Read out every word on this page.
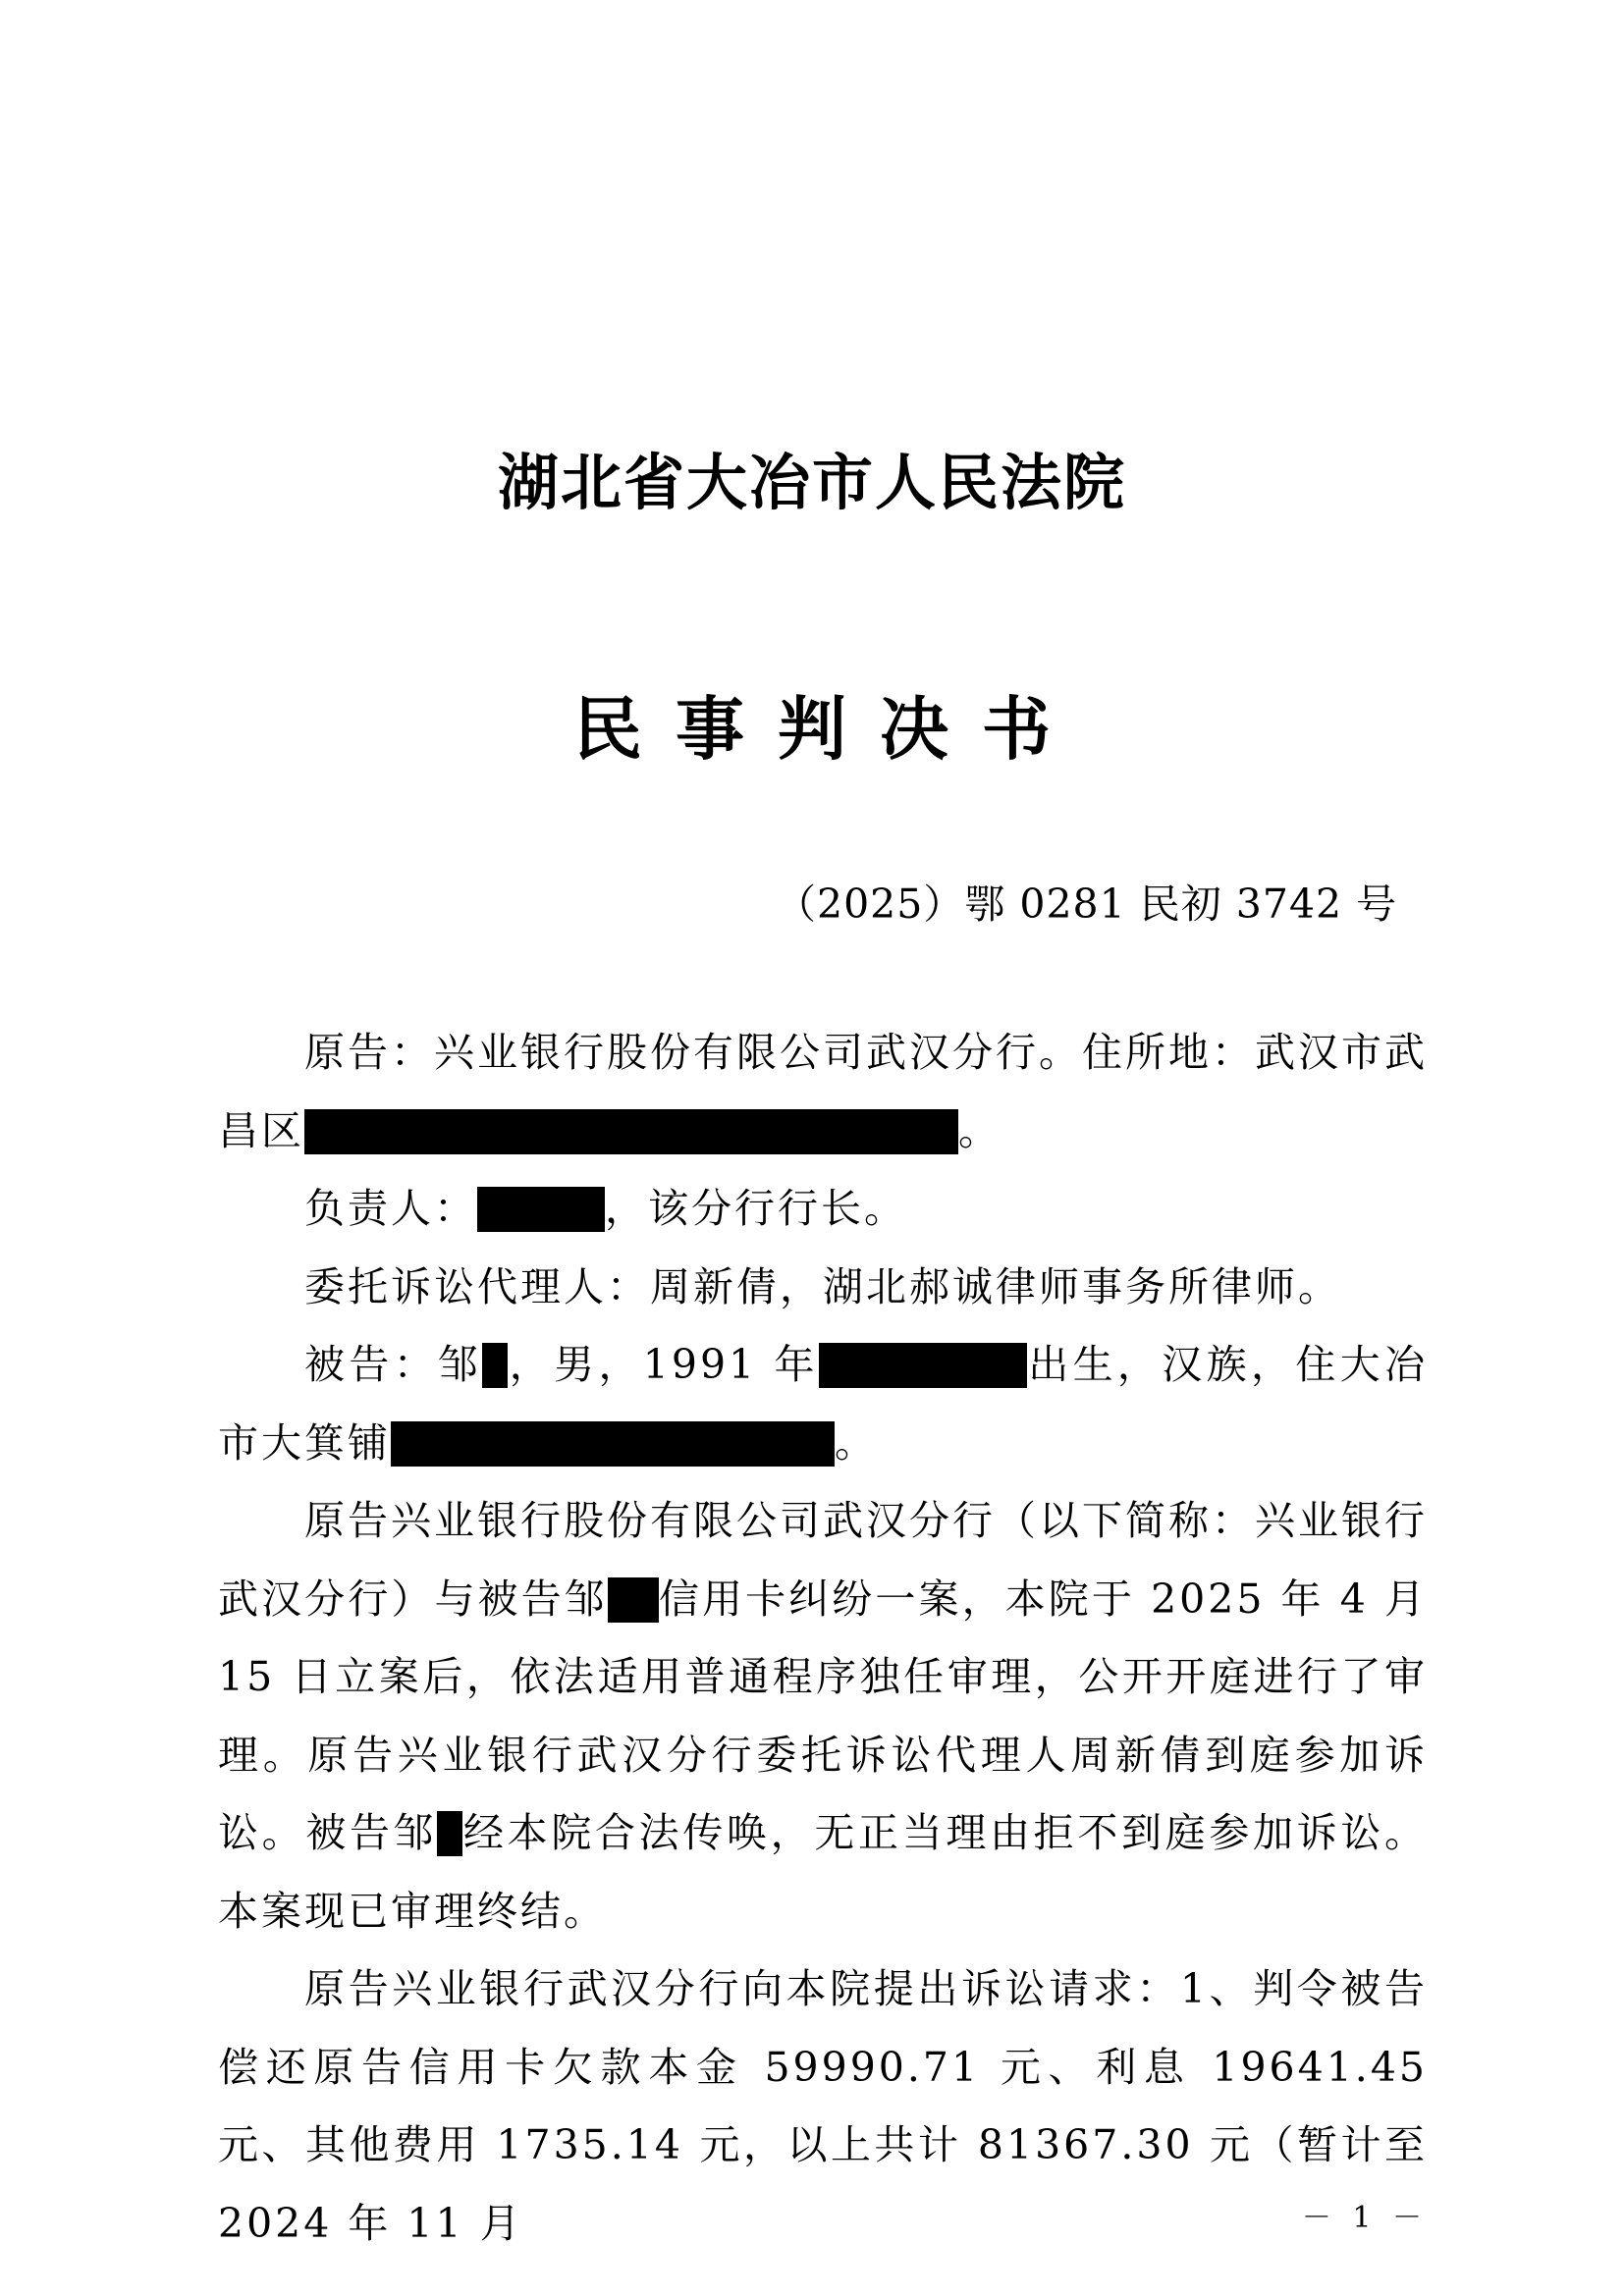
湖北省大冶市人民法院
民事判决书

（2025）鄂 0281 民初 3742 号

原告：兴业银行股份有限公司武汉分行。住所地：武汉市武昌区	。

负责人：	，该分行行长。

委托诉讼代理人：周新倩，湖北郝诚律师事务所律师。

被告：邹 ，男，1991 年	出生，汉族，住大冶市大箕铺	。

原告兴业银行股份有限公司武汉分行（以下简称：兴业银行武汉分行）与被告邹 信用卡纠纷一案，本院于 2025 年 4 月 15 日立案后，依法适用普通程序独任审理，公开开庭进行了审理。原告兴业银行武汉分行委托诉讼代理人周新倩到庭参加诉讼。被告邹 经本院合法传唤，无正当理由拒不到庭参加诉讼。本案现已审理终结。

原告兴业银行武汉分行向本院提出诉讼请求：1、判令被告偿还原告信用卡欠款本金 59990.71 元、利息 19641.45 元、其他费用 1735.14 元，以上共计 81367.30 元（暂计至 2024 年 11 月	－ 1 －
